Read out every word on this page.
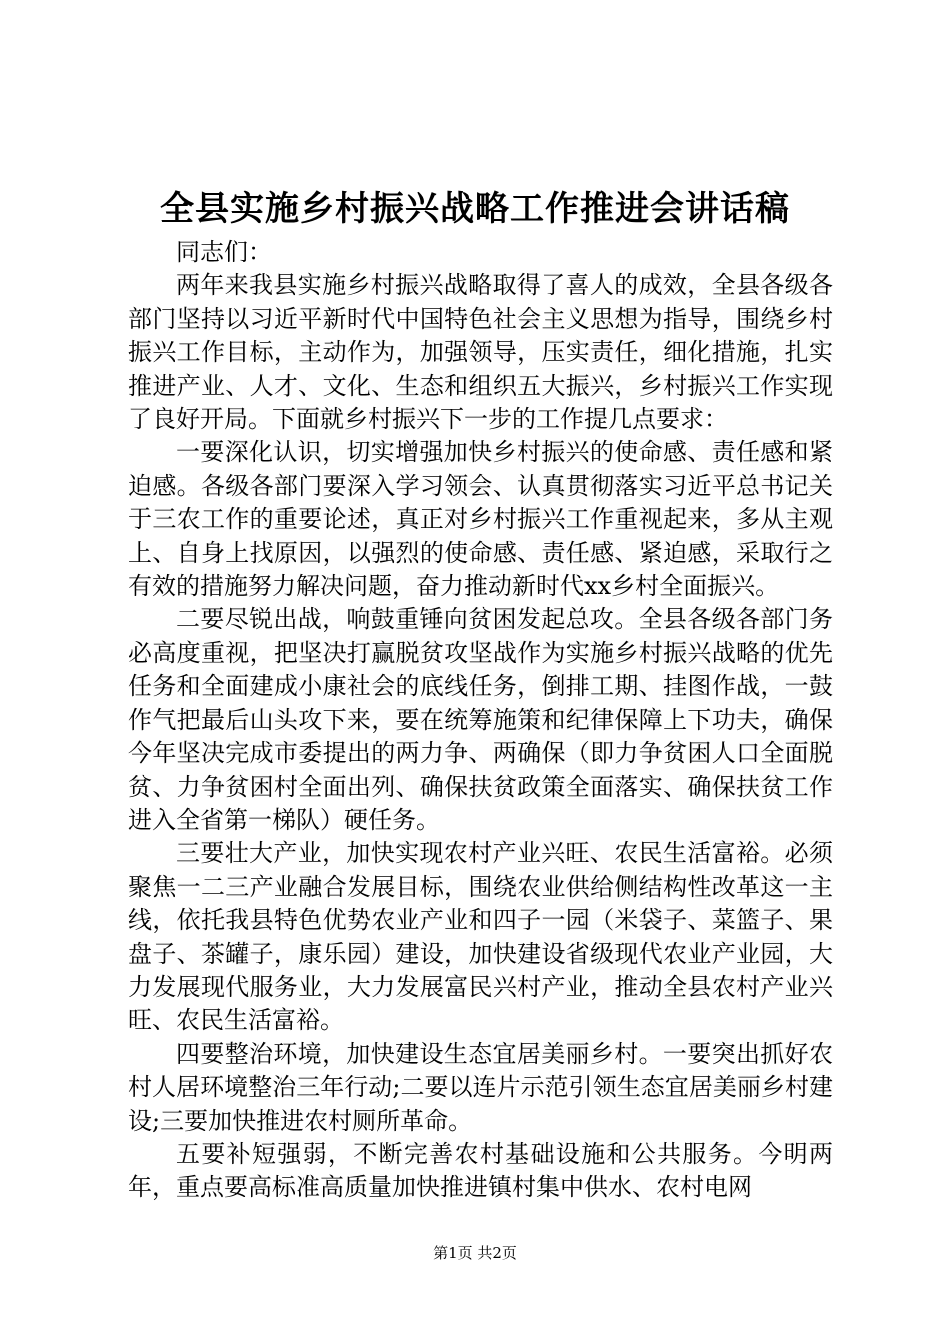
全县实施乡村振兴战略工作推进会讲话稿

同志们：

两年来我县实施乡村振兴战略取得了喜人的成效，全县各级各部门坚持以习近平新时代中国特色社会主义思想为指导，围绕乡村振兴工作目标，主动作为，加强领导，压实责任，细化措施，扎实推进产业、人才、文化、生态和组织五大振兴，乡村振兴工作实现了良好开局。下面就乡村振兴下一步的工作提几点要求：

一要深化认识，切实增强加快乡村振兴的使命感、责任感和紧迫感。各级各部门要深入学习领会、认真贯彻落实习近平总书记关于三农工作的重要论述，真正对乡村振兴工作重视起来，多从主观上、自身上找原因，以强烈的使命感、责任感、紧迫感，采取行之有效的措施努力解决问题，奋力推动新时代xx乡村全面振兴。

二要尽锐出战，响鼓重锤向贫困发起总攻。全县各级各部门务必高度重视，把坚决打赢脱贫攻坚战作为实施乡村振兴战略的优先任务和全面建成小康社会的底线任务，倒排工期、挂图作战，一鼓作气把最后山头攻下来，要在统筹施策和纪律保障上下功夫，确保今年坚决完成市委提出的两力争、两确保（即力争贫困人口全面脱贫、力争贫困村全面出列、确保扶贫政策全面落实、确保扶贫工作进入全省第一梯队）硬任务。

三要壮大产业，加快实现农村产业兴旺、农民生活富裕。必须聚焦一二三产业融合发展目标，围绕农业供给侧结构性改革这一主线，依托我县特色优势农业产业和四子一园（米袋子、菜篮子、果盘子、茶罐子，康乐园）建设，加快建设省级现代农业产业园，大力发展现代服务业，大力发展富民兴村产业，推动全县农村产业兴旺、农民生活富裕。

四要整治环境，加快建设生态宜居美丽乡村。一要突出抓好农村人居环境整治三年行动;二要以连片示范引领生态宜居美丽乡村建设;三要加快推进农村厕所革命。

五要补短强弱，不断完善农村基础设施和公共服务。今明两年，重点要高标准高质量加快推进镇村集中供水、农村电网

第1页 共2页
